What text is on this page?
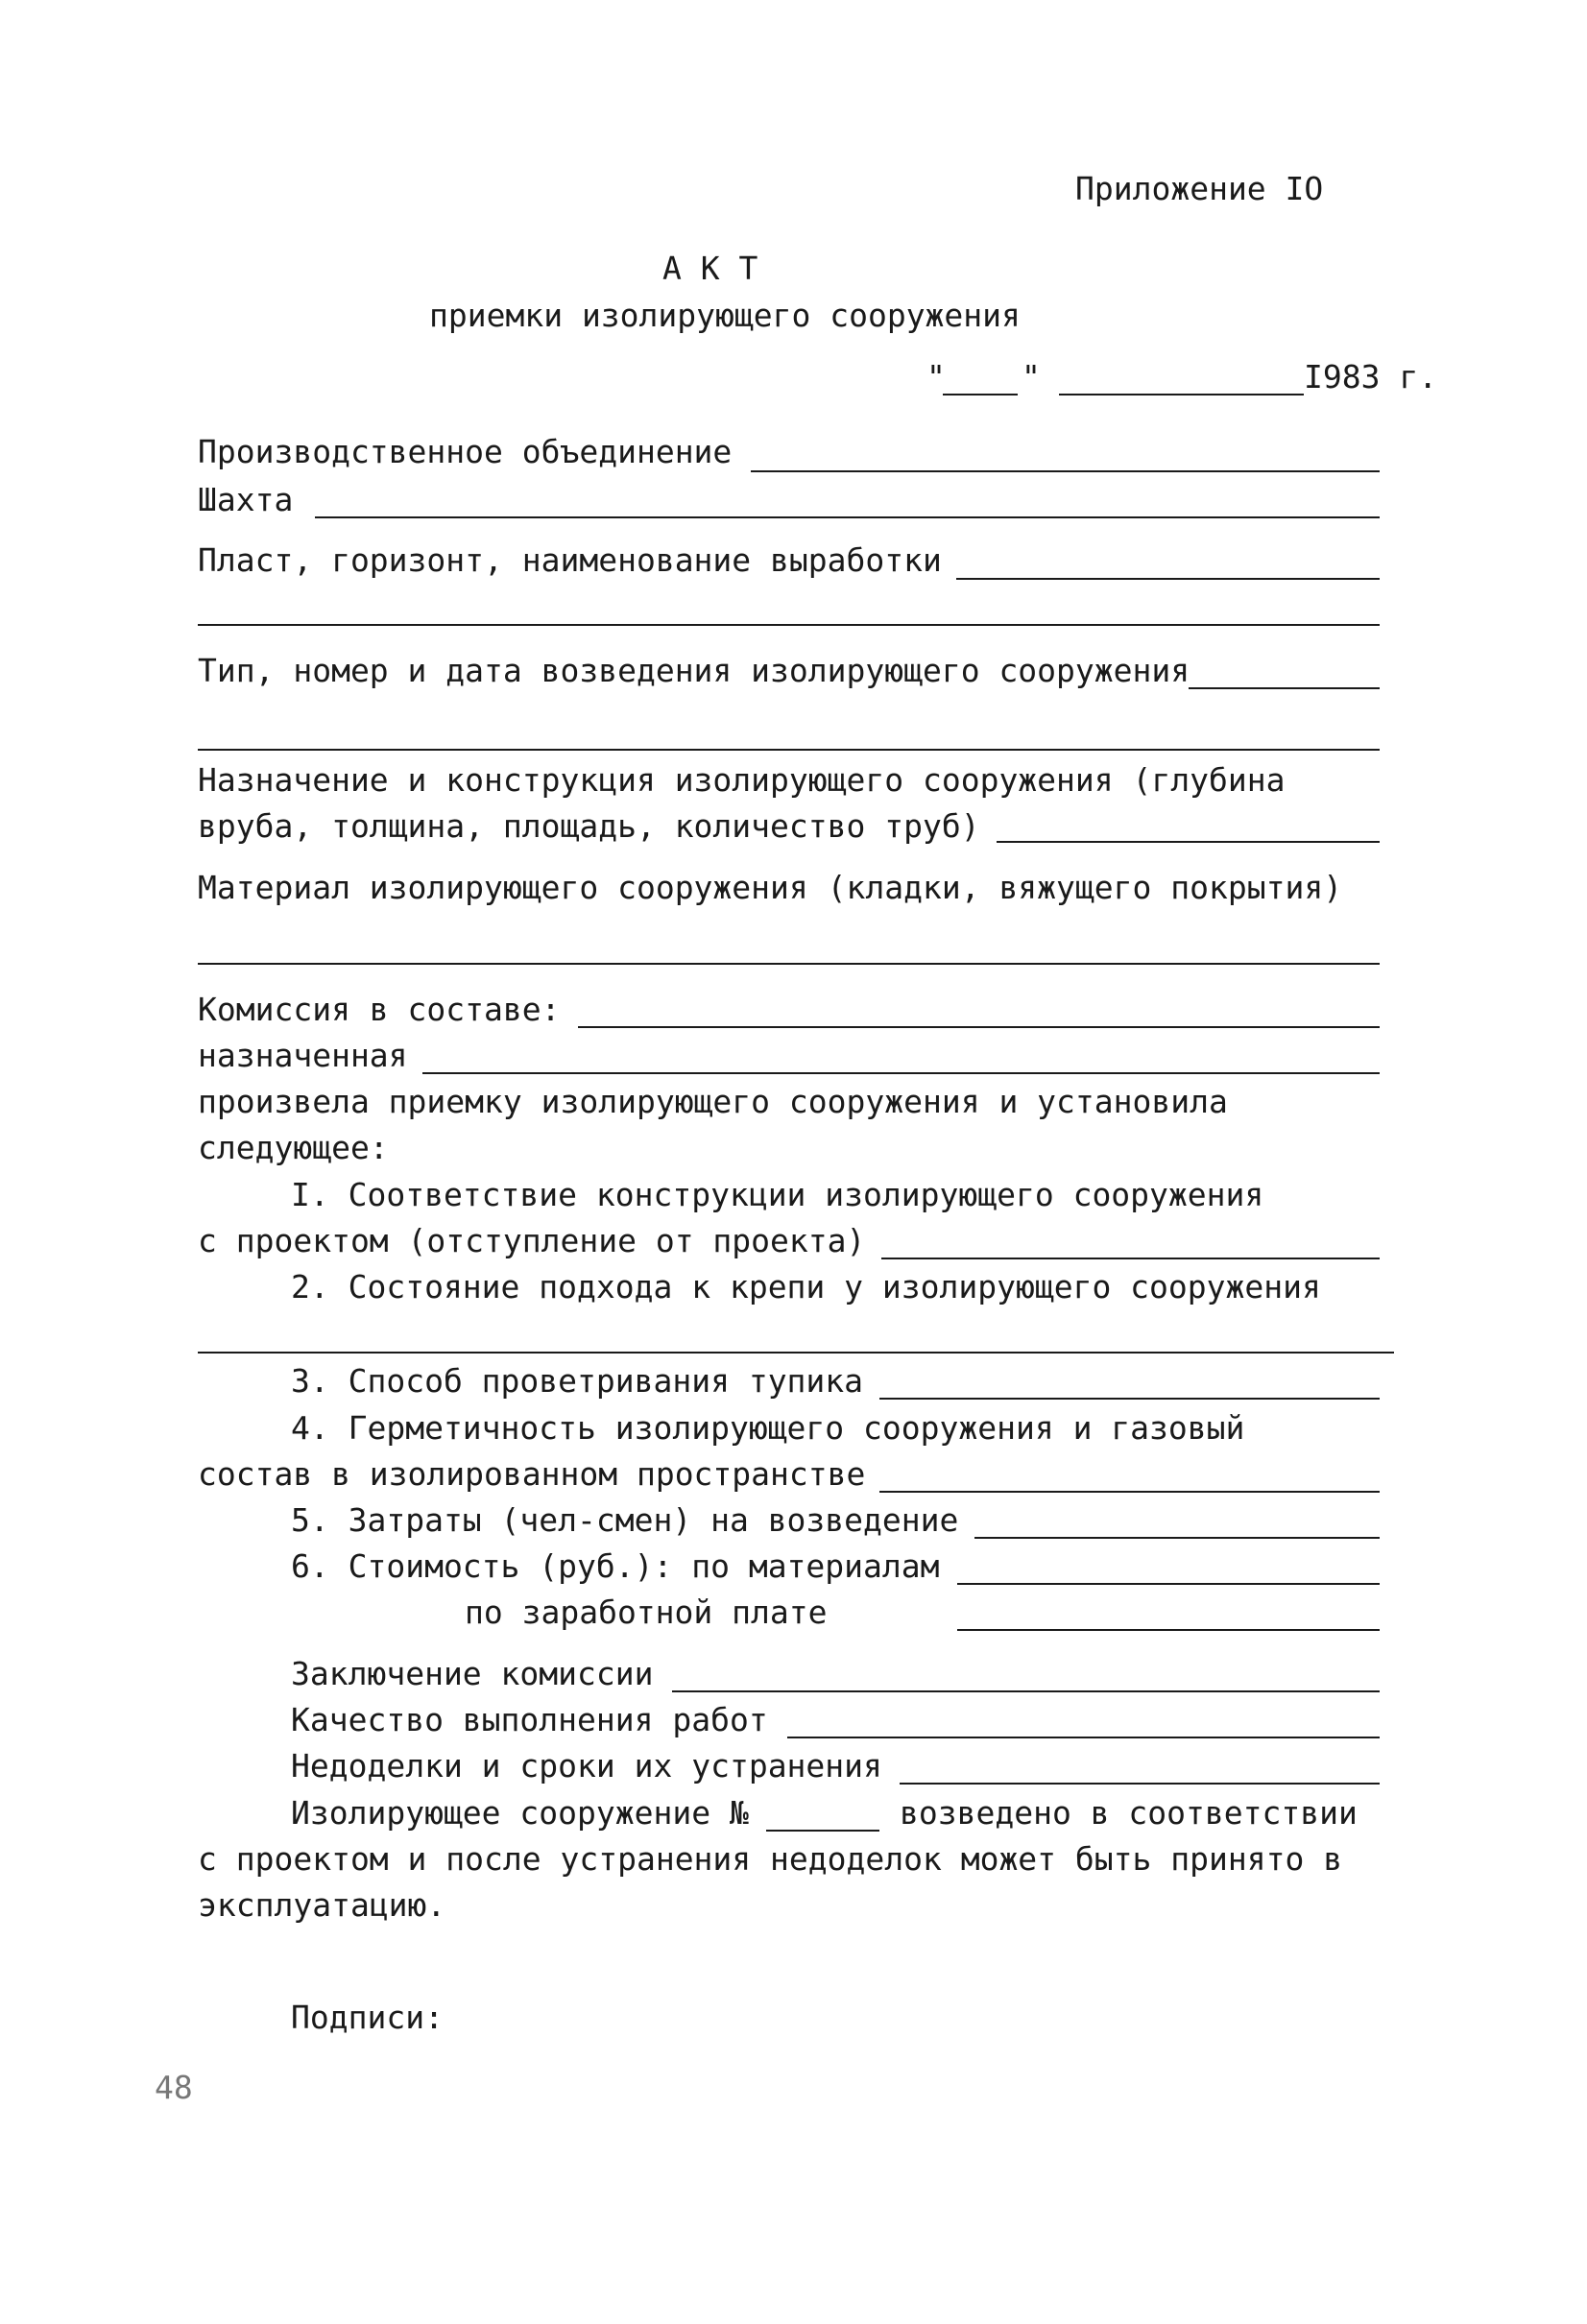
Приложение IO
А К Т
приемки изолирующего сооружения
" "	I983 г.
Производственное объединение
Шахта
Пласт, горизонт, наименование выработки
Тип, номер и дата возведения изолирующего сооружения
Назначение и конструкция изолирующего сооружения (глубина
вруба, толщина, площадь, количество труб)
Материал изолирующего сооружения (кладки, вяжущего покрытия)
Комиссия в составе:
назначенная
произвела приемку изолирующего сооружения и установила
следующее:
I. Соответствие конструкции изолирующего сооружения
с проектом (отступление от проекта)
2. Состояние подхода к крепи у изолирующего сооружения
3. Способ проветривания тупика
4. Герметичность изолирующего сооружения и газовый
состав в изолированном пространстве
5. Затраты (чел-смен) на возведение
6. Стоимость (руб.): по материалам
по заработной плате
Заключение комиссии
Качество выполнения работ
Недоделки и сроки их устранения
Изолирующее сооружение №	возведено в соответствии
с проектом и после устранения недоделок может быть принято в
эксплуатацию.
Подписи:
48
